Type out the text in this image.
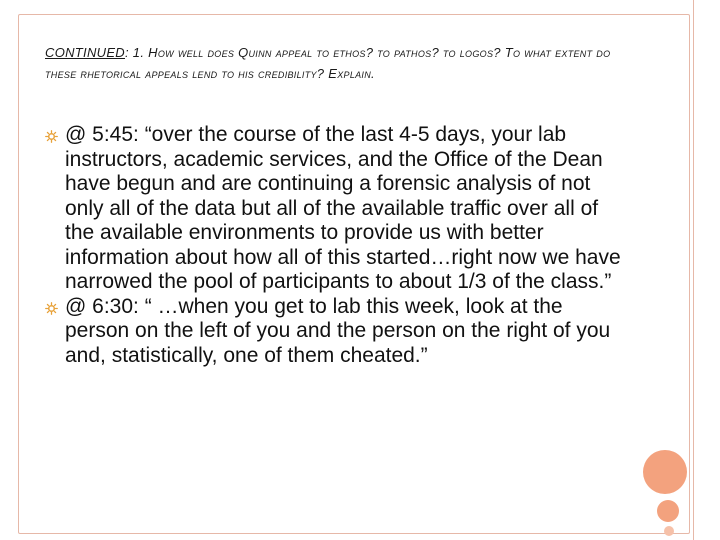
CONTINUED: 1. How well does Quinn appeal to ethos? to pathos? to logos? To what extent do these rhetorical appeals lend to his credibility? Explain.
@ 5:45: “over the course of the last 4-5 days, your lab instructors, academic services, and the Office of the Dean have begun and are continuing a forensic analysis of not only all of the data but all of the available traffic over all of the available environments to provide us with better information about how all of this started…right now we have narrowed the pool of participants to about 1/3 of the class.”
@ 6:30: “ …when you get to lab this week, look at the person on the left of you and the person on the right of you and, statistically, one of them cheated.”
